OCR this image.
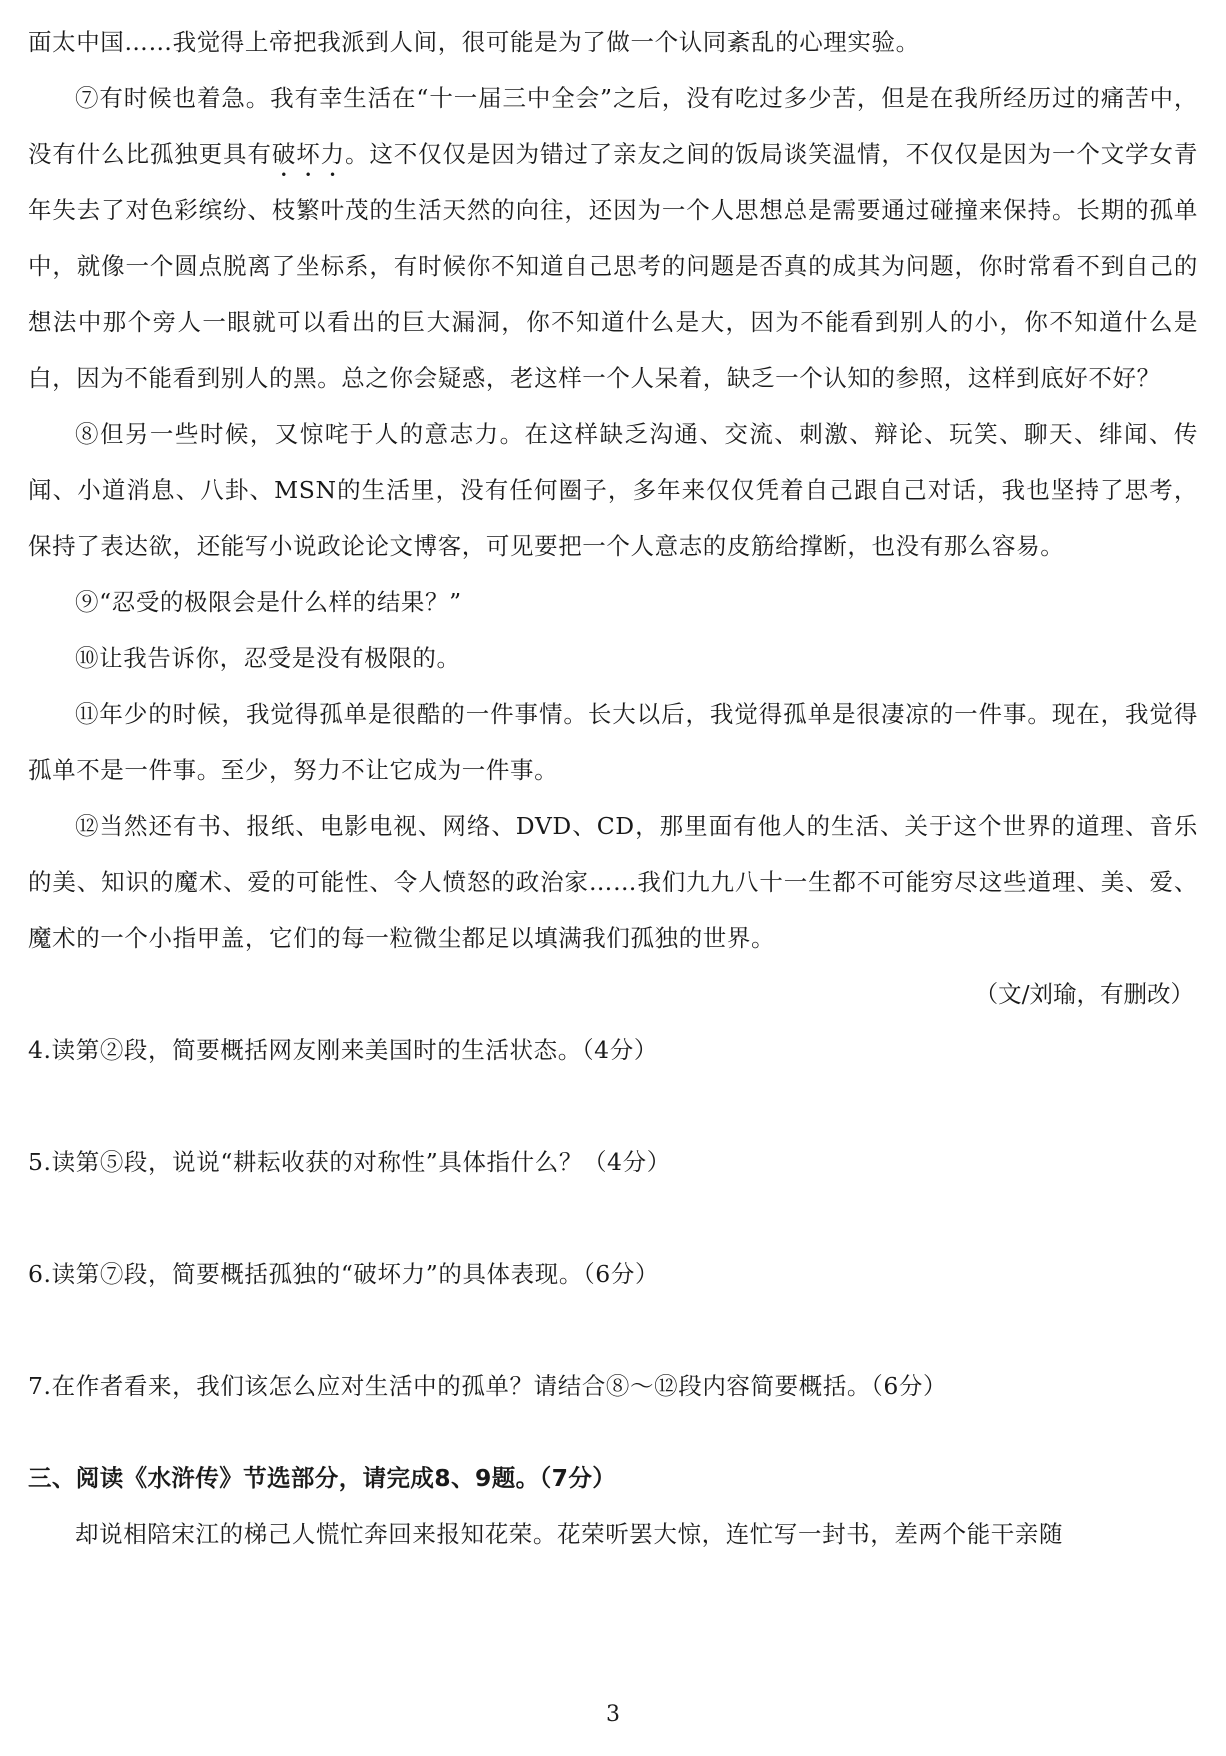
面太中国……我觉得上帝把我派到人间，很可能是为了做一个认同紊乱的心理实验。

⑦有时候也着急。我有幸生活在“十一届三中全会”之后，没有吃过多少苦，但是在我所经历过的痛苦中，没有什么比孤独更具有破坏力。这不仅仅是因为错过了亲友之间的饭局谈笑温情，不仅仅是因为一个文学女青年失去了对色彩缤纷、枝繁叶茂的生活天然的向往，还因为一个人思想总是需要通过碰撞来保持。长期的孤单中，就像一个圆点脱离了坐标系，有时候你不知道自己思考的问题是否真的成其为问题，你时常看不到自己的想法中那个旁人一眼就可以看出的巨大漏洞，你不知道什么是大，因为不能看到别人的小，你不知道什么是白，因为不能看到别人的黑。总之你会疑惑，老这样一个人呆着，缺乏一个认知的参照，这样到底好不好？

⑧但另一些时候，又惊咤于人的意志力。在这样缺乏沟通、交流、刺激、辩论、玩笑、聊天、绯闻、传闻、小道消息、八卦、MSN的生活里，没有任何圈子，多年来仅仅凭着自己跟自己对话，我也坚持了思考，保持了表达欲，还能写小说政论论文博客，可见要把一个人意志的皮筋给撑断，也没有那么容易。

⑨“忍受的极限会是什么样的结果？”

⑩让我告诉你，忍受是没有极限的。

⑪年少的时候，我觉得孤单是很酷的一件事情。长大以后，我觉得孤单是很凄凉的一件事。现在，我觉得孤单不是一件事。至少，努力不让它成为一件事。

⑫当然还有书、报纸、电影电视、网络、DVD、CD，那里面有他人的生活、关于这个世界的道理、音乐的美、知识的魔术、爱的可能性、令人愤怒的政治家……我们九九八十一生都不可能穷尽这些道理、美、爱、魔术的一个小指甲盖，它们的每一粒微尘都足以填满我们孤独的世界。

（文/刘瑜，有删改）

4.读第②段，简要概括网友刚来美国时的生活状态。（4分）

5.读第⑤段，说说“耕耘收获的对称性”具体指什么？（4分）

6.读第⑦段，简要概括孤独的“破坏力”的具体表现。（6分）

7.在作者看来，我们该怎么应对生活中的孤单？请结合⑧～⑫段内容简要概括。（6分）

三、阅读《水浒传》节选部分，请完成8、9题。（7分）

却说相陪宋江的梯己人慌忙奔回来报知花荣。花荣听罢大惊，连忙写一封书，差两个能干亲随

3
